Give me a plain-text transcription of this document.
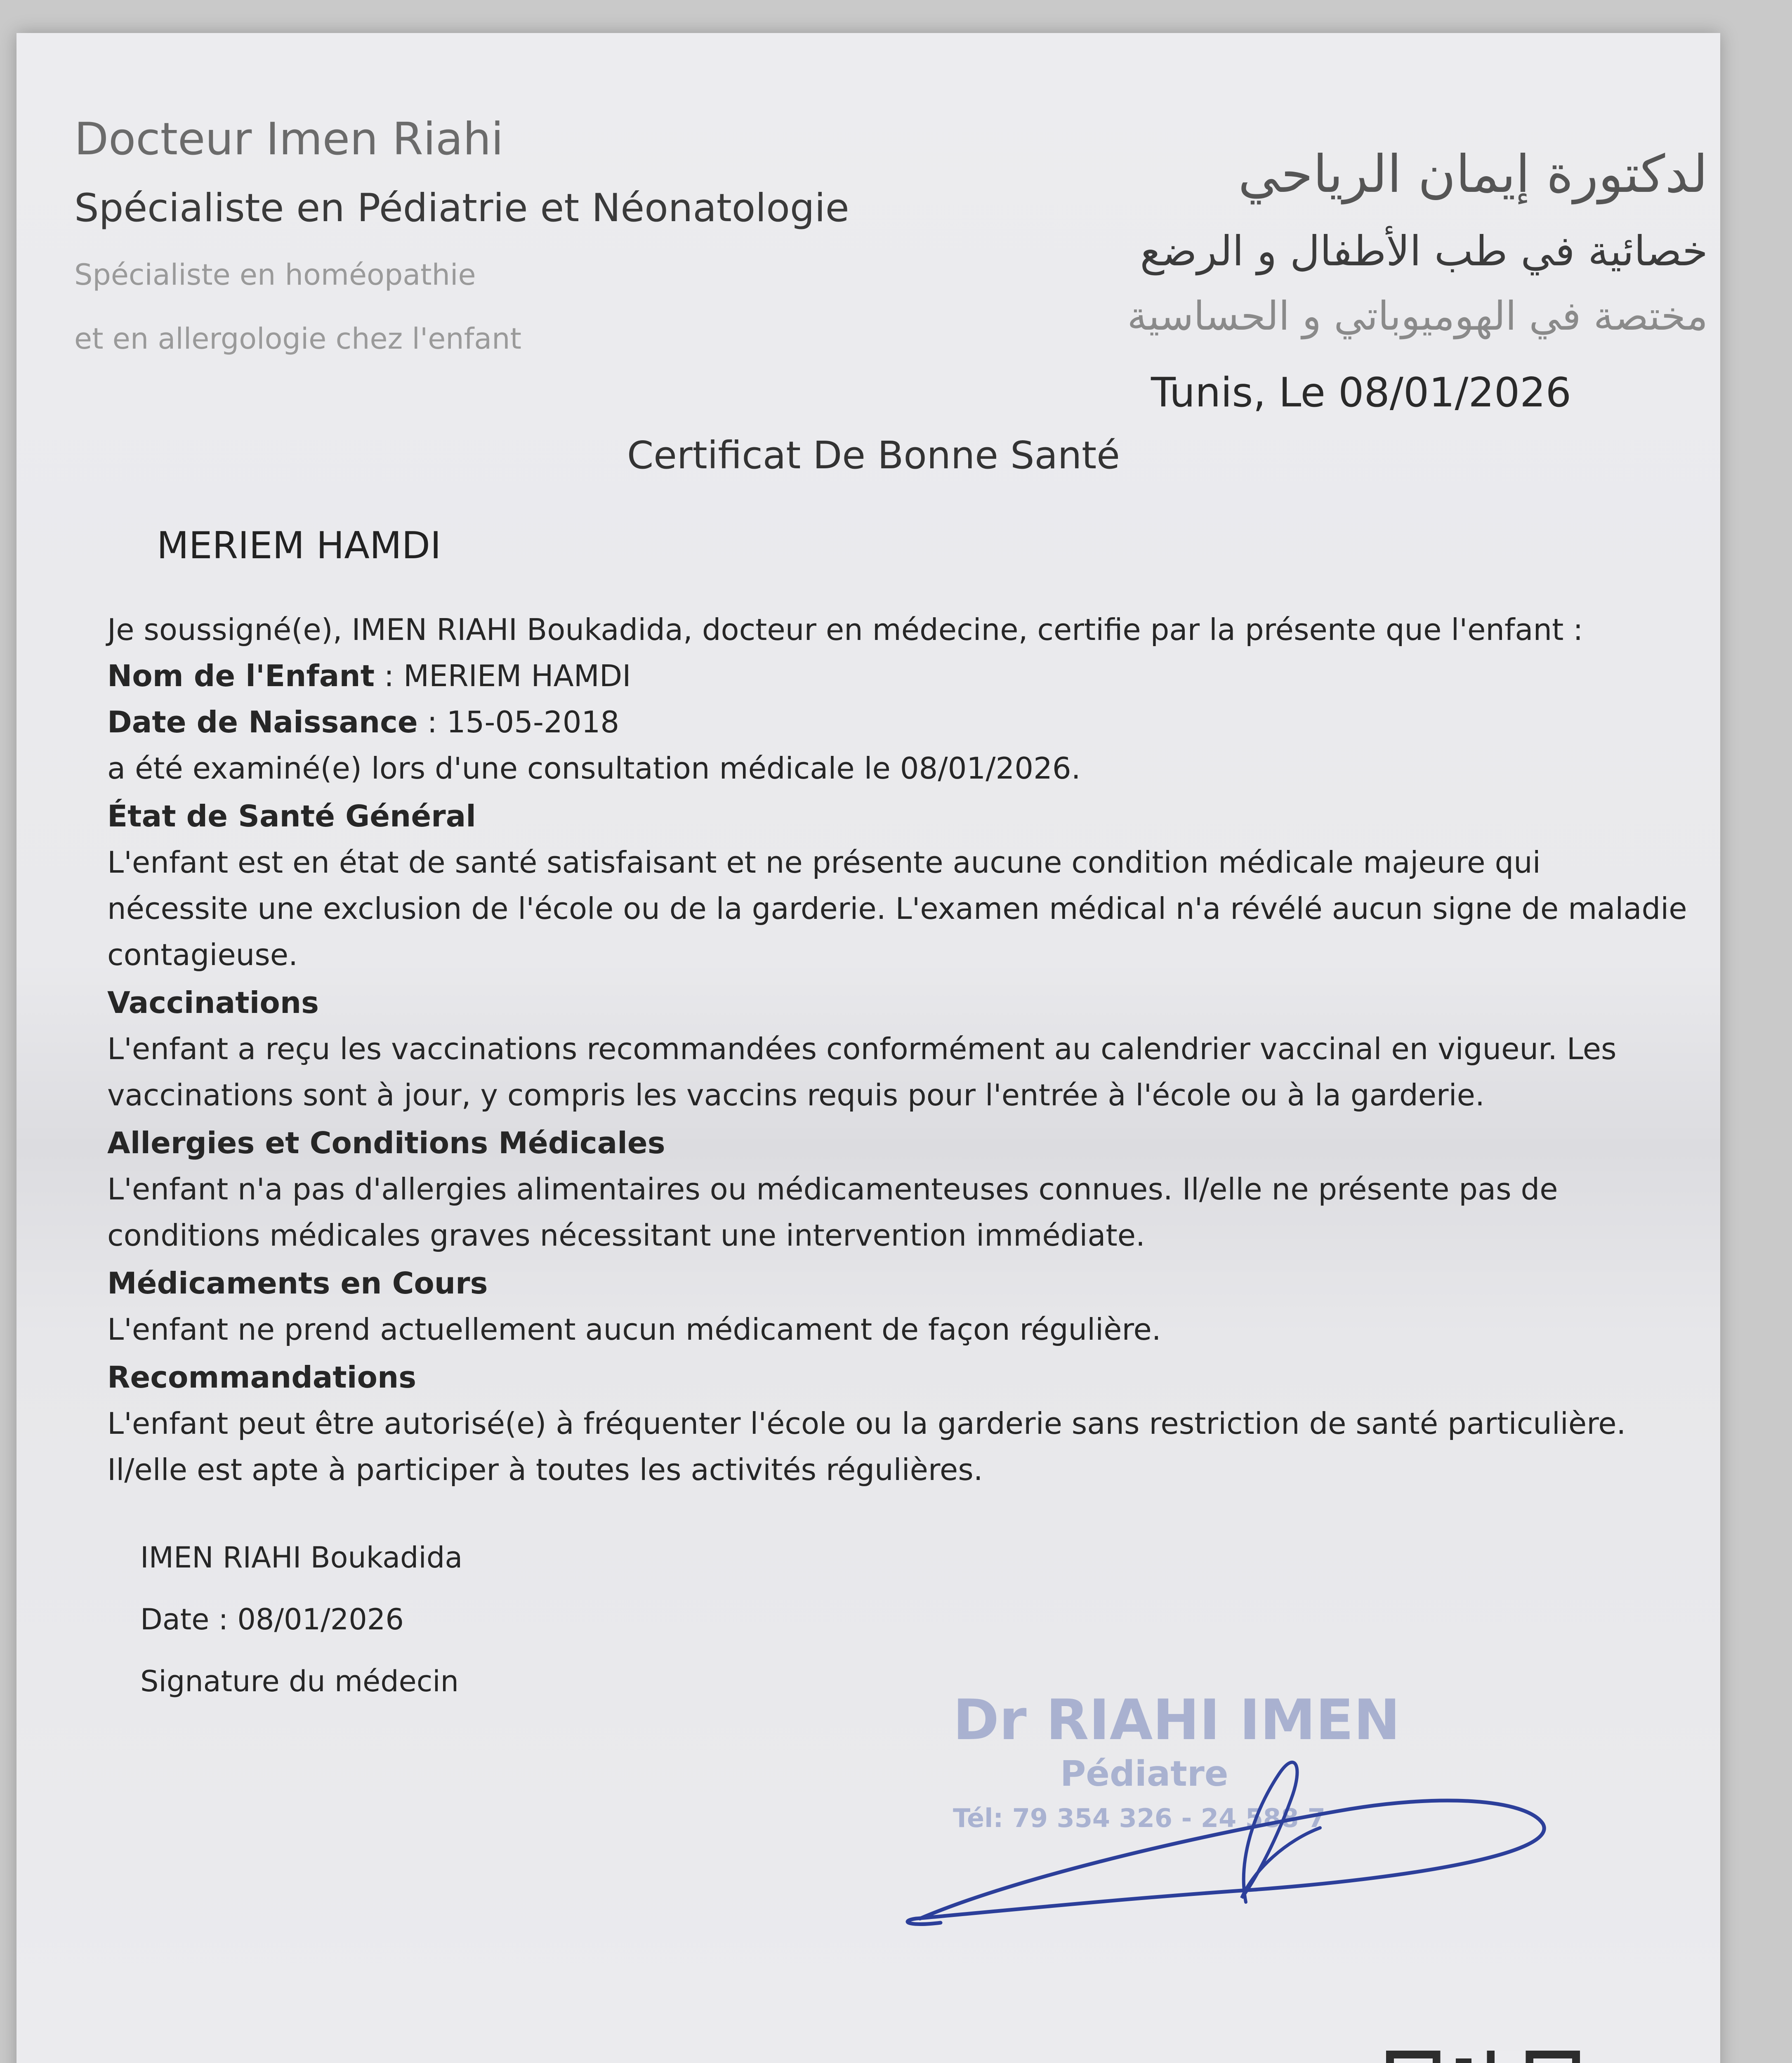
Docteur Imen Riahi
Spécialiste en Pédiatrie et Néonatologie
Spécialiste en homéopathie
et en allergologie chez l'enfant
لدكتورة إيمان الرياحي
خصائية في طب الأطفال و الرضع
مختصة في الهوميوباتي و الحساسية
Tunis, Le 08/01/2026
Certificat De Bonne Santé
MERIEM HAMDI

Je soussigné(e), IMEN RIAHI Boukadida, docteur en médecine, certifie par la présente que l'enfant :

Nom de l'Enfant : MERIEM HAMDI

Date de Naissance : 15-05-2018

a été examiné(e) lors d'une consultation médicale le 08/01/2026.

État de Santé Général

L'enfant est en état de santé satisfaisant et ne présente aucune condition médicale majeure qui nécessite une exclusion de l'école ou de la garderie. L'examen médical n'a révélé aucun signe de maladie contagieuse.

Vaccinations

L'enfant a reçu les vaccinations recommandées conformément au calendrier vaccinal en vigueur. Les vaccinations sont à jour, y compris les vaccins requis pour l'entrée à l'école ou à la garderie.

Allergies et Conditions Médicales

L'enfant n'a pas d'allergies alimentaires ou médicamenteuses connues. Il/elle ne présente pas de conditions médicales graves nécessitant une intervention immédiate.

Médicaments en Cours

L'enfant ne prend actuellement aucun médicament de façon régulière.

Recommandations

L'enfant peut être autorisé(e) à fréquenter l'école ou la garderie sans restriction de santé particulière. Il/elle est apte à participer à toutes les activités régulières.

IMEN RIAHI Boukadida
Date : 08/01/2026
Signature du médecin
Dr RIAHI IMEN
Pédiatre
Tél: 79 354 326 - 24 588 7
